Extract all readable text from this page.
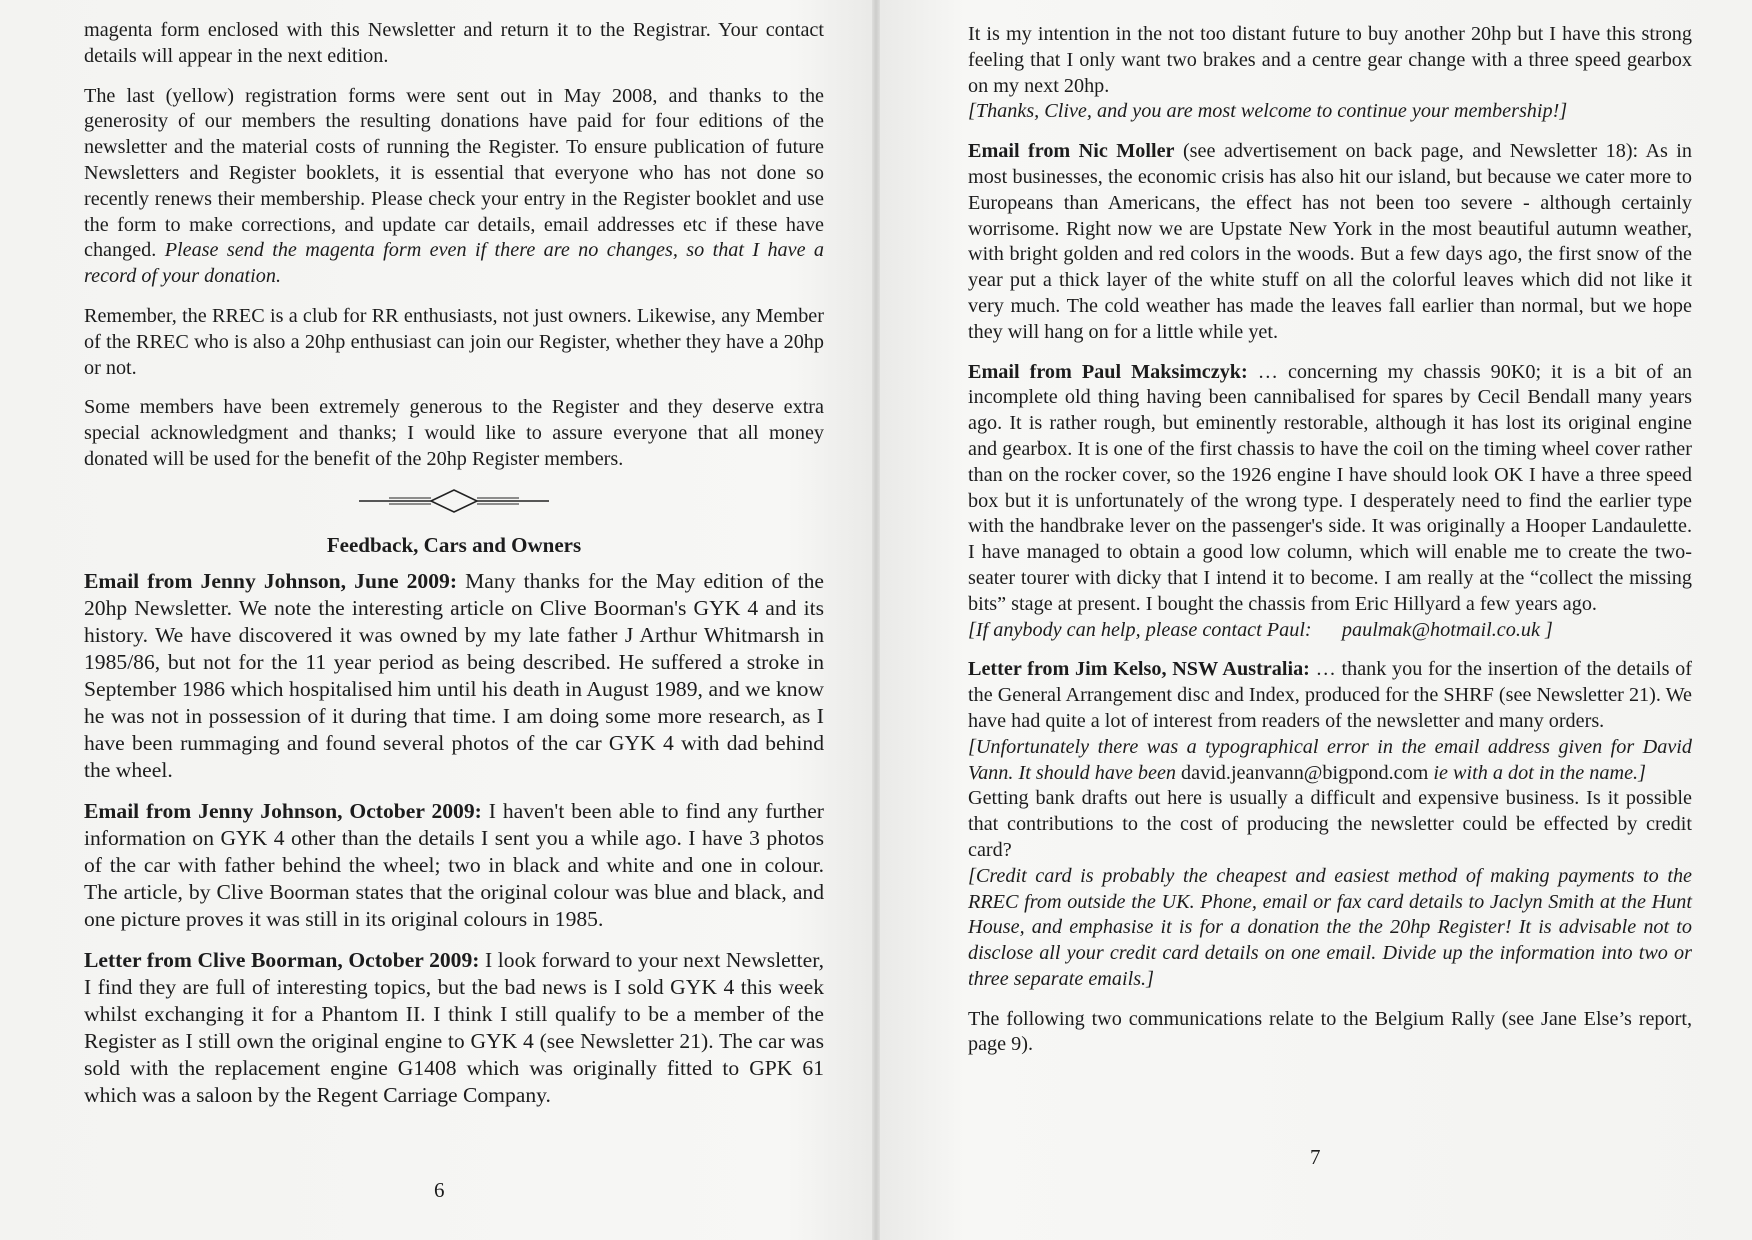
magenta form enclosed with this Newsletter and return it to the Registrar. Your contact details will appear in the next edition.

The last (yellow) registration forms were sent out in May 2008, and thanks to the generosity of our members the resulting donations have paid for four editions of the newsletter and the material costs of running the Register. To ensure publication of future Newsletters and Register booklets, it is essential that everyone who has not done so recently renews their membership. Please check your entry in the Register booklet and use the form to make corrections, and update car details, email addresses etc if these have changed. Please send the magenta form even if there are no changes, so that I have a record of your donation.

Remember, the RREC is a club for RR enthusiasts, not just owners. Likewise, any Member of the RREC who is also a 20hp enthusiast can join our Register, whether they have a 20hp or not.

Some members have been extremely generous to the Register and they deserve extra special acknowledgment and thanks; I would like to assure everyone that all money donated will be used for the benefit of the 20hp Register members.

Feedback, Cars and Owners

Email from Jenny Johnson, June 2009: Many thanks for the May edition of the 20hp Newsletter. We note the interesting article on Clive Boorman's GYK 4 and its history. We have discovered it was owned by my late father J Arthur Whitmarsh in 1985/86, but not for the 11 year period as being described. He suffered a stroke in September 1986 which hospitalised him until his death in August 1989, and we know he was not in possession of it during that time. I am doing some more research, as I have been rummaging and found several photos of the car GYK 4 with dad behind the wheel.

Email from Jenny Johnson, October 2009: I haven't been able to find any further information on GYK 4 other than the details I sent you a while ago. I have 3 photos of the car with father behind the wheel; two in black and white and one in colour. The article, by Clive Boorman states that the original colour was blue and black, and one picture proves it was still in its original colours in 1985.

Letter from Clive Boorman, October 2009: I look forward to your next Newsletter, I find they are full of interesting topics, but the bad news is I sold GYK 4 this week whilst exchanging it for a Phantom II. I think I still qualify to be a member of the Register as I still own the original engine to GYK 4 (see Newsletter 21). The car was sold with the replacement engine G1408 which was originally fitted to GPK 61 which was a saloon by the Regent Carriage Company.

6

It is my intention in the not too distant future to buy another 20hp but I have this strong feeling that I only want two brakes and a centre gear change with a three speed gearbox on my next 20hp.

[Thanks, Clive, and you are most welcome to continue your membership!]

Email from Nic Moller (see advertisement on back page, and Newsletter 18): As in most businesses, the economic crisis has also hit our island, but because we cater more to Europeans than Americans, the effect has not been too severe - although certainly worrisome. Right now we are Upstate New York in the most beautiful autumn weather, with bright golden and red colors in the woods. But a few days ago, the first snow of the year put a thick layer of the white stuff on all the colorful leaves which did not like it very much. The cold weather has made the leaves fall earlier than normal, but we hope they will hang on for a little while yet.

Email from Paul Maksimczyk: … concerning my chassis 90K0; it is a bit of an incomplete old thing having been cannibalised for spares by Cecil Bendall many years ago. It is rather rough, but eminently restorable, although it has lost its original engine and gearbox. It is one of the first chassis to have the coil on the timing wheel cover rather than on the rocker cover, so the 1926 engine I have should look OK I have a three speed box but it is unfortunately of the wrong type. I desperately need to find the earlier type with the handbrake lever on the passenger's side. It was originally a Hooper Landaulette. I have managed to obtain a good low column, which will enable me to create the two-seater tourer with dicky that I intend it to become. I am really at the “collect the missing bits” stage at present. I bought the chassis from Eric Hillyard a few years ago.

[If anybody can help, please contact Paul:      paulmak@hotmail.co.uk ]

Letter from Jim Kelso, NSW Australia: … thank you for the insertion of the details of the General Arrangement disc and Index, produced for the SHRF (see Newsletter 21). We have had quite a lot of interest from readers of the newsletter and many orders.

[Unfortunately there was a typographical error in the email address given for David Vann. It should have been david.jeanvann@bigpond.com ie with a dot in the name.]

Getting bank drafts out here is usually a difficult and expensive business. Is it possible that contributions to the cost of producing the newsletter could be effected by credit card?

[Credit card is probably the cheapest and easiest method of making payments to the RREC from outside the UK. Phone, email or fax card details to Jaclyn Smith at the Hunt House, and emphasise it is for a donation the the 20hp Register! It is advisable not to disclose all your credit card details on one email. Divide up the information into two or three separate emails.]

The following two communications relate to the Belgium Rally (see Jane Else’s report, page 9).

7
